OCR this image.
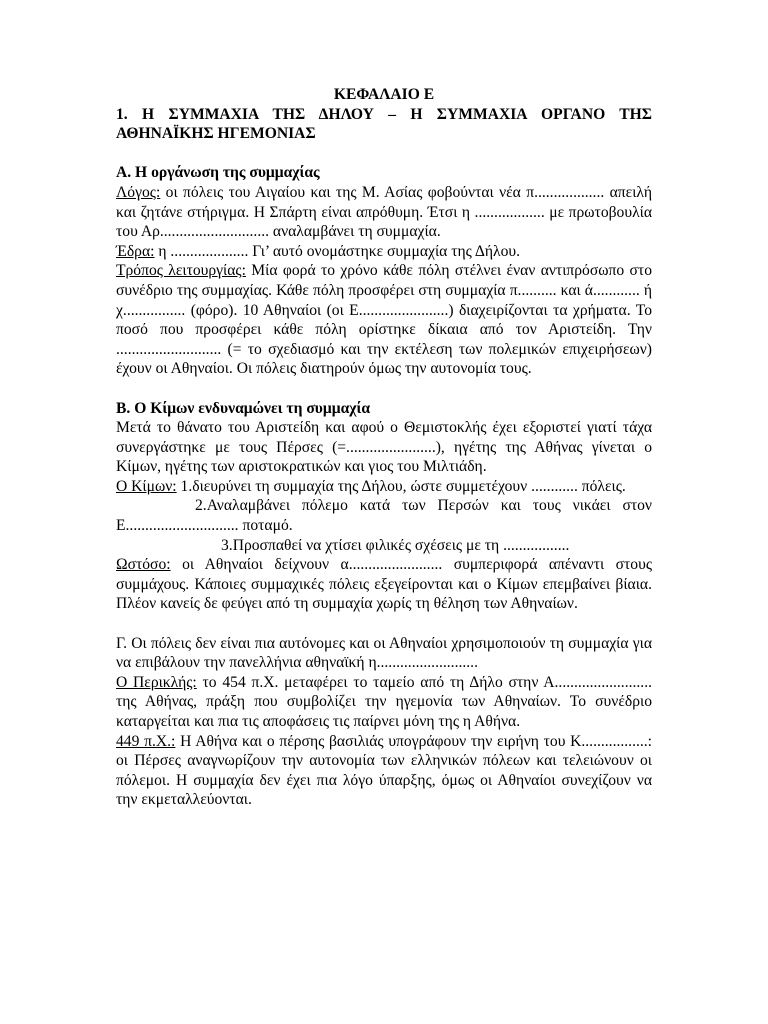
ΚΕΦΑΛΑΙΟ Ε
1. Η ΣΥΜΜΑΧΙΑ ΤΗΣ ΔΗΛΟΥ – Η ΣΥΜΜΑΧΙΑ ΟΡΓΑΝΟ ΤΗΣ ΑΘΗΝΑΪΚΗΣ ΗΓΕΜΟΝΙΑΣ
Α. Η οργάνωση της συμμαχίας

Λόγος: οι πόλεις του Αιγαίου και της Μ. Ασίας φοβούνται νέα π.................. απειλή και ζητάνε στήριγμα. Η Σπάρτη είναι απρόθυμη. Έτσι η .................. με πρωτοβουλία του Αρ............................ αναλαμβάνει τη συμμαχία.

Έδρα: η .................... Γι’ αυτό ονομάστηκε συμμαχία της Δήλου.

Τρόπος λειτουργίας: Μία φορά το χρόνο κάθε πόλη στέλνει έναν αντιπρόσωπο στο συνέδριο της συμμαχίας. Κάθε πόλη προσφέρει στη συμμαχία π.......... και ά............ ή χ................ (φόρο). 10 Αθηναίοι (οι Ε.......................) διαχειρίζονται τα χρήματα. Το ποσό που προσφέρει κάθε πόλη ορίστηκε δίκαια από τον Αριστείδη. Την ........................... (= το σχεδιασμό και την εκτέλεση των πολεμικών επιχειρήσεων) έχουν οι Αθηναίοι. Οι πόλεις διατηρούν όμως την αυτονομία τους.

Β. Ο Κίμων ενδυναμώνει τη συμμαχία

Μετά το θάνατο του Αριστείδη και αφού ο Θεμιστοκλής έχει εξοριστεί γιατί τάχα συνεργάστηκε με τους Πέρσες (=.......................), ηγέτης της Αθήνας γίνεται ο Κίμων, ηγέτης των αριστοκρατικών και γιος του Μιλτιάδη.

Ο Κίμων: 1.διευρύνει τη συμμαχία της Δήλου, ώστε συμμετέχουν ............ πόλεις.

2.Αναλαμβάνει πόλεμο κατά των Περσών και τους νικάει στον Ε............................. ποταμό.

3.Προσπαθεί να χτίσει φιλικές σχέσεις με τη .................

Ωστόσο: οι Αθηναίοι δείχνουν α........................ συμπεριφορά απέναντι στους συμμάχους. Κάποιες συμμαχικές πόλεις εξεγείρονται και ο Κίμων επεμβαίνει βίαια. Πλέον κανείς δε φεύγει από τη συμμαχία χωρίς τη θέληση των Αθηναίων.

Γ. Οι πόλεις δεν είναι πια αυτόνομες και οι Αθηναίοι χρησιμοποιούν τη συμμαχία για να επιβάλουν την πανελλήνια αθηναϊκή η..........................

Ο Περικλής: το 454 π.Χ. μεταφέρει το ταμείο από τη Δήλο στην Α......................... της Αθήνας, πράξη που συμβολίζει την ηγεμονία των Αθηναίων. Το συνέδριο καταργείται και πια τις αποφάσεις τις παίρνει μόνη της η Αθήνα.

449 π.Χ.: Η Αθήνα και ο πέρσης βασιλιάς υπογράφουν την ειρήνη του Κ.................: οι Πέρσες αναγνωρίζουν την αυτονομία των ελληνικών πόλεων και τελειώνουν οι πόλεμοι. Η συμμαχία δεν έχει πια λόγο ύπαρξης, όμως οι Αθηναίοι συνεχίζουν να την εκμεταλλεύονται.
